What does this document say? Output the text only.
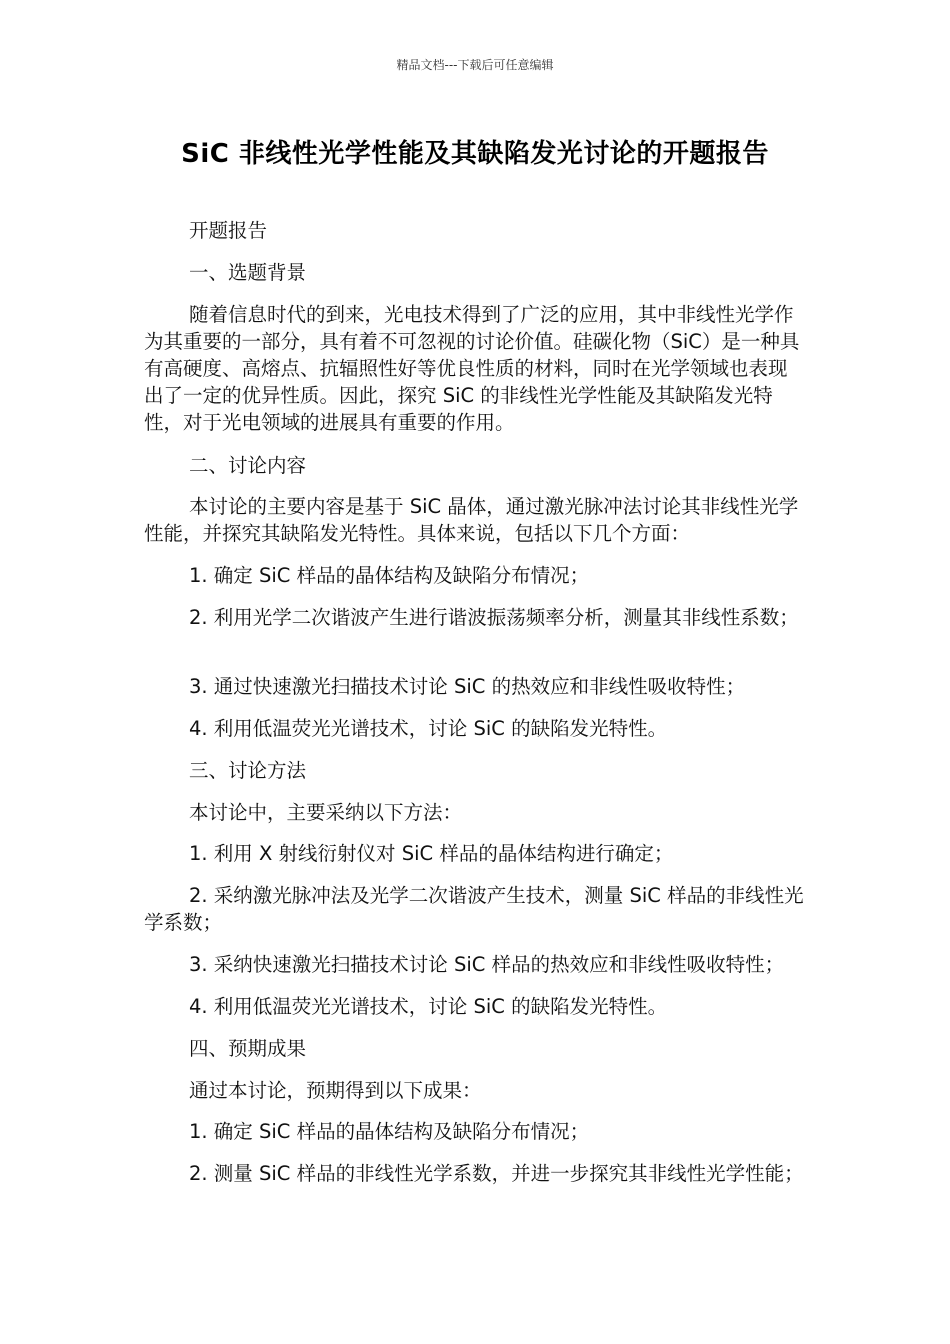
精品文档---下载后可任意编辑
SiC 非线性光学性能及其缺陷发光讨论的开题报告

开题报告

一、选题背景

随着信息时代的到来，光电技术得到了广泛的应用，其中非线性光学作为其重要的一部分，具有着不可忽视的讨论价值。硅碳化物（SiC）是一种具有高硬度、高熔点、抗辐照性好等优良性质的材料，同时在光学领域也表现出了一定的优异性质。因此，探究 SiC 的非线性光学性能及其缺陷发光特性，对于光电领域的进展具有重要的作用。

二、讨论内容

本讨论的主要内容是基于 SiC 晶体，通过激光脉冲法讨论其非线性光学性能，并探究其缺陷发光特性。具体来说，包括以下几个方面：

1. 确定 SiC 样品的晶体结构及缺陷分布情况；

2. 利用光学二次谐波产生进行谐波振荡频率分析，测量其非线性系数；

3. 通过快速激光扫描技术讨论 SiC 的热效应和非线性吸收特性；

4. 利用低温荧光光谱技术，讨论 SiC 的缺陷发光特性。

三、讨论方法

本讨论中，主要采纳以下方法：

1. 利用 X 射线衍射仪对 SiC 样品的晶体结构进行确定；

2. 采纳激光脉冲法及光学二次谐波产生技术，测量 SiC 样品的非线性光学系数；

3. 采纳快速激光扫描技术讨论 SiC 样品的热效应和非线性吸收特性；

4. 利用低温荧光光谱技术，讨论 SiC 的缺陷发光特性。

四、预期成果

通过本讨论，预期得到以下成果：

1. 确定 SiC 样品的晶体结构及缺陷分布情况；

2. 测量 SiC 样品的非线性光学系数，并进一步探究其非线性光学性能；
